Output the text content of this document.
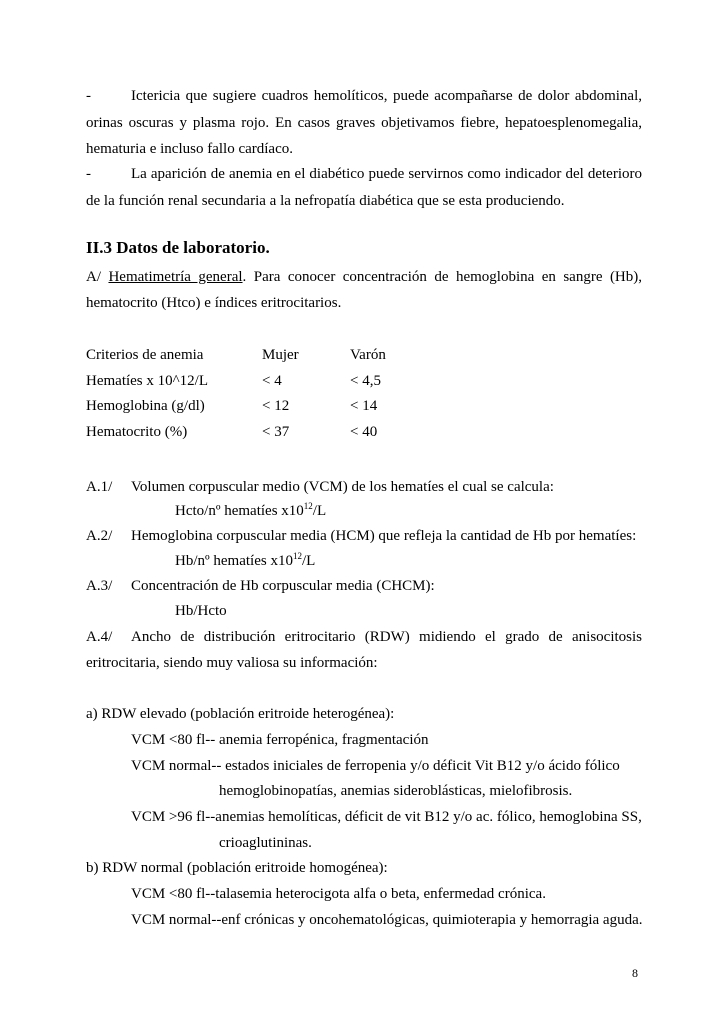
-	Ictericia que sugiere cuadros hemolíticos, puede acompañarse de dolor abdominal,
orinas oscuras y plasma rojo. En casos graves objetivamos fiebre, hepatoesplenomegalia,
hematuria e incluso fallo cardíaco.
-	La aparición de anemia en el diabético puede servirnos como indicador del deterioro
de la función renal secundaria a la nefropatía diabética que se esta produciendo.
II.3 Datos de laboratorio.
A/ Hematimetría general. Para conocer concentración de hemoglobina en sangre (Hb),
hematocrito (Htco) e índices eritrocitarios.
Criterios de anemia	Mujer	Varón
Hematíes x 10^12/L	< 4	< 4,5
Hemoglobina (g/dl)	< 12	< 14
Hematocrito (%)	< 37	< 40
A.1/ Volumen corpuscular medio (VCM) de los hematíes el cual se calcula:
Hcto/nº hematíes $x10^{12}/L$
A.2/ Hemoglobina corpuscular media (HCM) que refleja la cantidad de Hb por hematíes:
Hb/nº hematíes $x10^{12}/L$
A.3/ Concentración de Hb corpuscular media (CHCM):
Hb/Hcto
A.4/ Ancho de distribución eritrocitario (RDW) midiendo el grado de anisocitosis
eritrocitaria, siendo muy valiosa su información:
a) RDW elevado (población eritroide heterogénea):
VCM <80 fl-- anemia ferropénica, fragmentación
VCM normal-- estados iniciales de ferropenia y/o déficit Vit B12 y/o ácido fólico
hemoglobinopatías, anemias sideroblásticas, mielofibrosis.
VCM >96 fl--anemias hemolíticas, déficit de vit B12 y/o ac. fólico, hemoglobina SS,
crioaglutininas.
b) RDW normal (población eritroide homogénea):
VCM <80 fl--talasemia heterocigota alfa o beta, enfermedad crónica.
VCM normal--enf crónicas y oncohematológicas, quimioterapia y hemorragia aguda.
8
